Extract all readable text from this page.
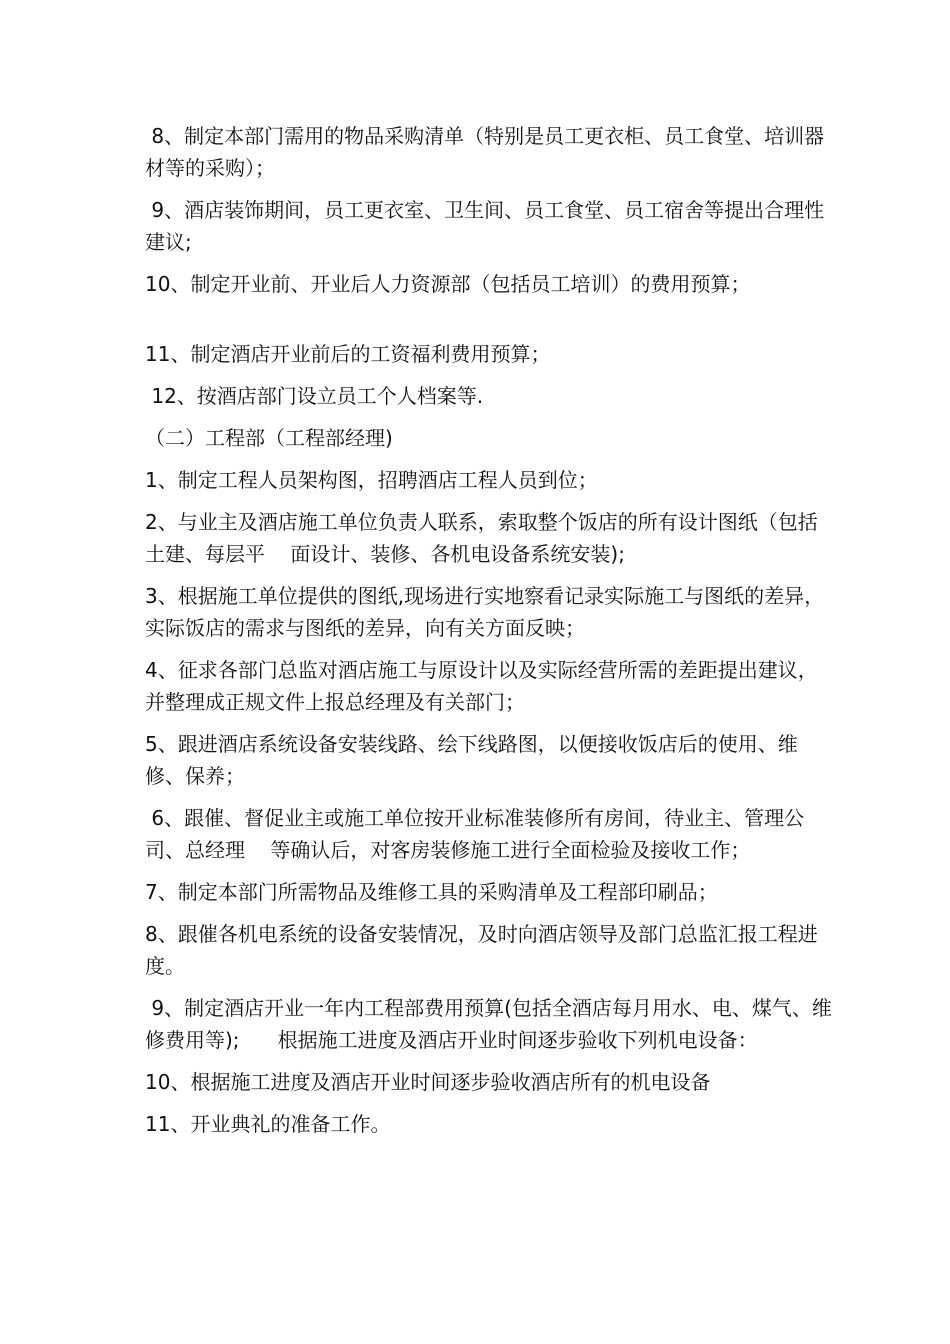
8、制定本部门需用的物品采购清单（特别是员工更衣柜、员工食堂、培训器材等的采购）；

9、酒店装饰期间，员工更衣室、卫生间、员工食堂、员工宿舍等提出合理性建议;

10、制定开业前、开业后人力资源部（包括员工培训）的费用预算；

11、制定酒店开业前后的工资福利费用预算；

12、按酒店部门设立员工个人档案等.

（二）工程部（工程部经理)

1、制定工程人员架构图，招聘酒店工程人员到位；

2、与业主及酒店施工单位负责人联系，索取整个饭店的所有设计图纸（包括土建、每层平    面设计、装修、各机电设备系统安装);

3、根据施工单位提供的图纸,现场进行实地察看记录实际施工与图纸的差异，实际饭店的需求与图纸的差异，向有关方面反映；

4、征求各部门总监对酒店施工与原设计以及实际经营所需的差距提出建议，并整理成正规文件上报总经理及有关部门；

5、跟进酒店系统设备安装线路、绘下线路图，以便接收饭店后的使用、维修、保养；

6、跟催、督促业主或施工单位按开业标准装修所有房间，待业主、管理公司、总经理    等确认后，对客房装修施工进行全面检验及接收工作；

7、制定本部门所需物品及维修工具的采购清单及工程部印刷品；

8、跟催各机电系统的设备安装情况，及时向酒店领导及部门总监汇报工程进度。

9、制定酒店开业一年内工程部费用预算(包括全酒店每月用水、电、煤气、维修费用等);      根据施工进度及酒店开业时间逐步验收下列机电设备：

10、根据施工进度及酒店开业时间逐步验收酒店所有的机电设备

11、开业典礼的准备工作。
